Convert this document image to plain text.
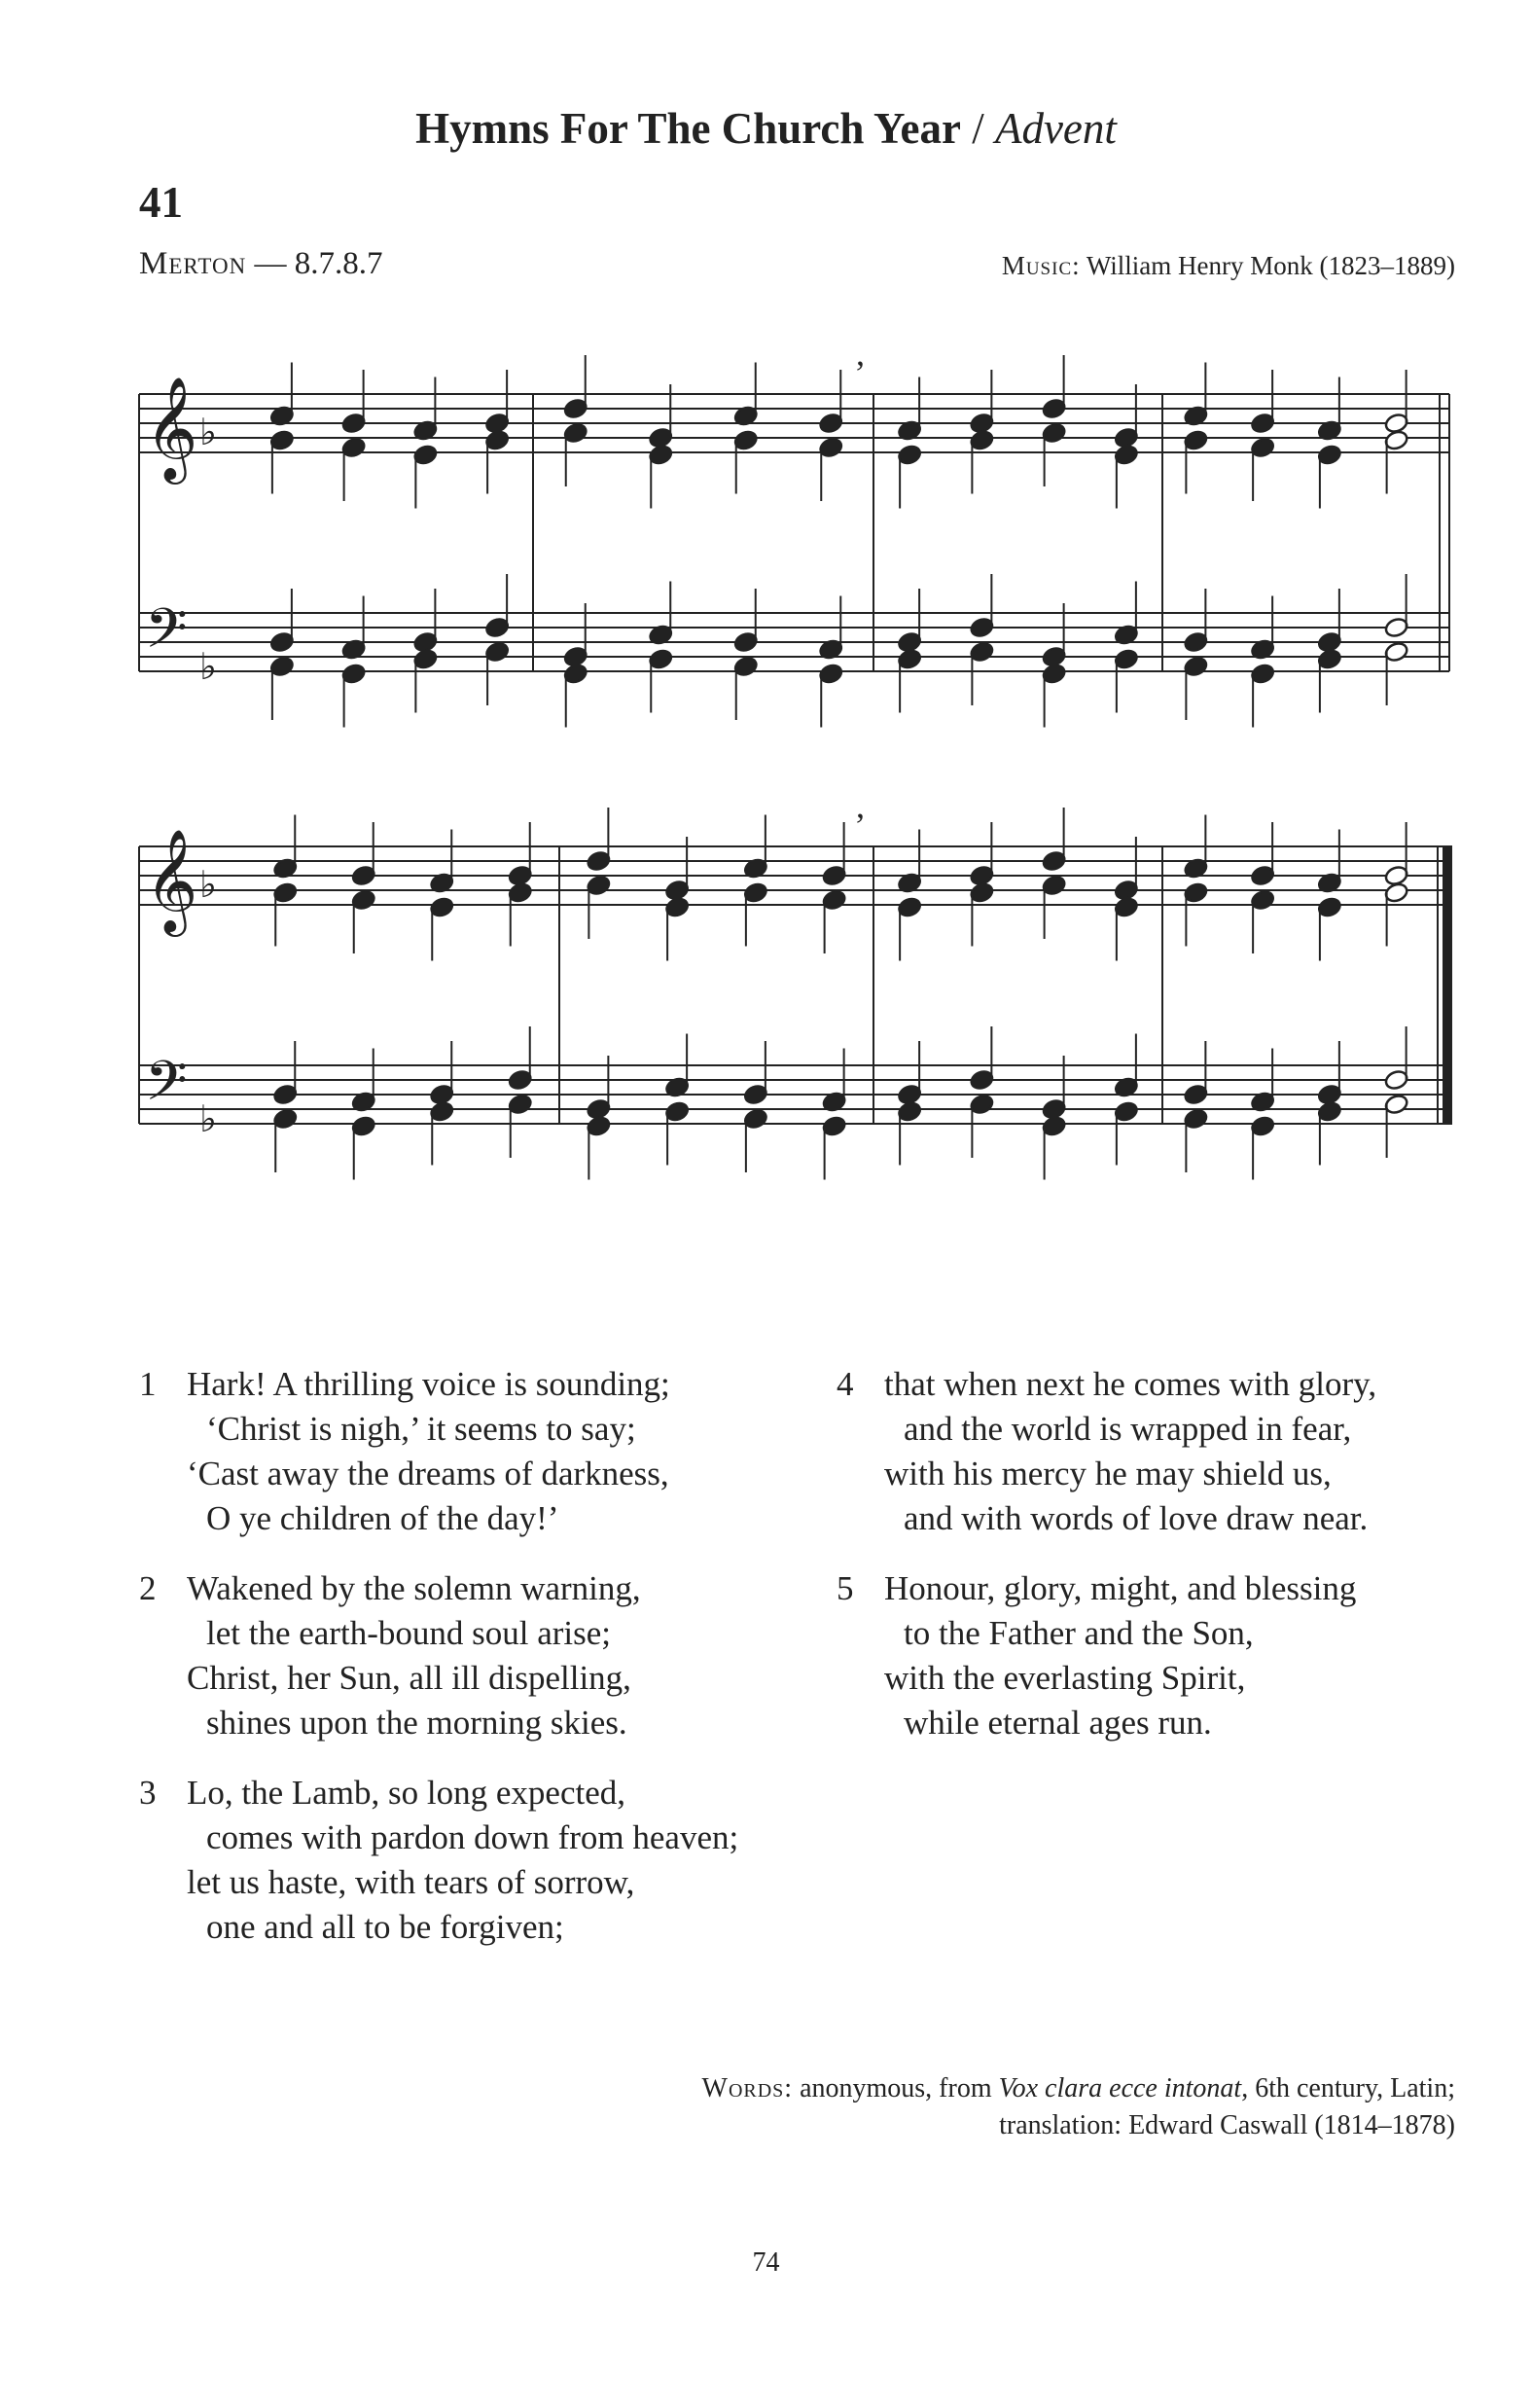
Hymns For The Church Year / Advent
41
Merton — 8.7.8.7	Music: William Henry Monk (1823–1889)
𝄞 ♭
𝄢 ♭
,
𝄞 ♭
𝄢 ♭
,
1 Hark! A thrilling voice is sounding;
‘Christ is nigh,’ it seems to say;
‘Cast away the dreams of darkness,
O ye children of the day!’
2 Wakened by the solemn warning,
let the earth-bound soul arise;
Christ, her Sun, all ill dispelling,
shines upon the morning skies.
3 Lo, the Lamb, so long expected,
comes with pardon down from heaven;
let us haste, with tears of sorrow,
one and all to be forgiven;
4 that when next he comes with glory,
and the world is wrapped in fear,
with his mercy he may shield us,
and with words of love draw near.
5 Honour, glory, might, and blessing
to the Father and the Son,
with the everlasting Spirit,
while eternal ages run.
Words: anonymous, from Vox clara ecce intonat, 6th century, Latin;
translation: Edward Caswall (1814–1878)
74
